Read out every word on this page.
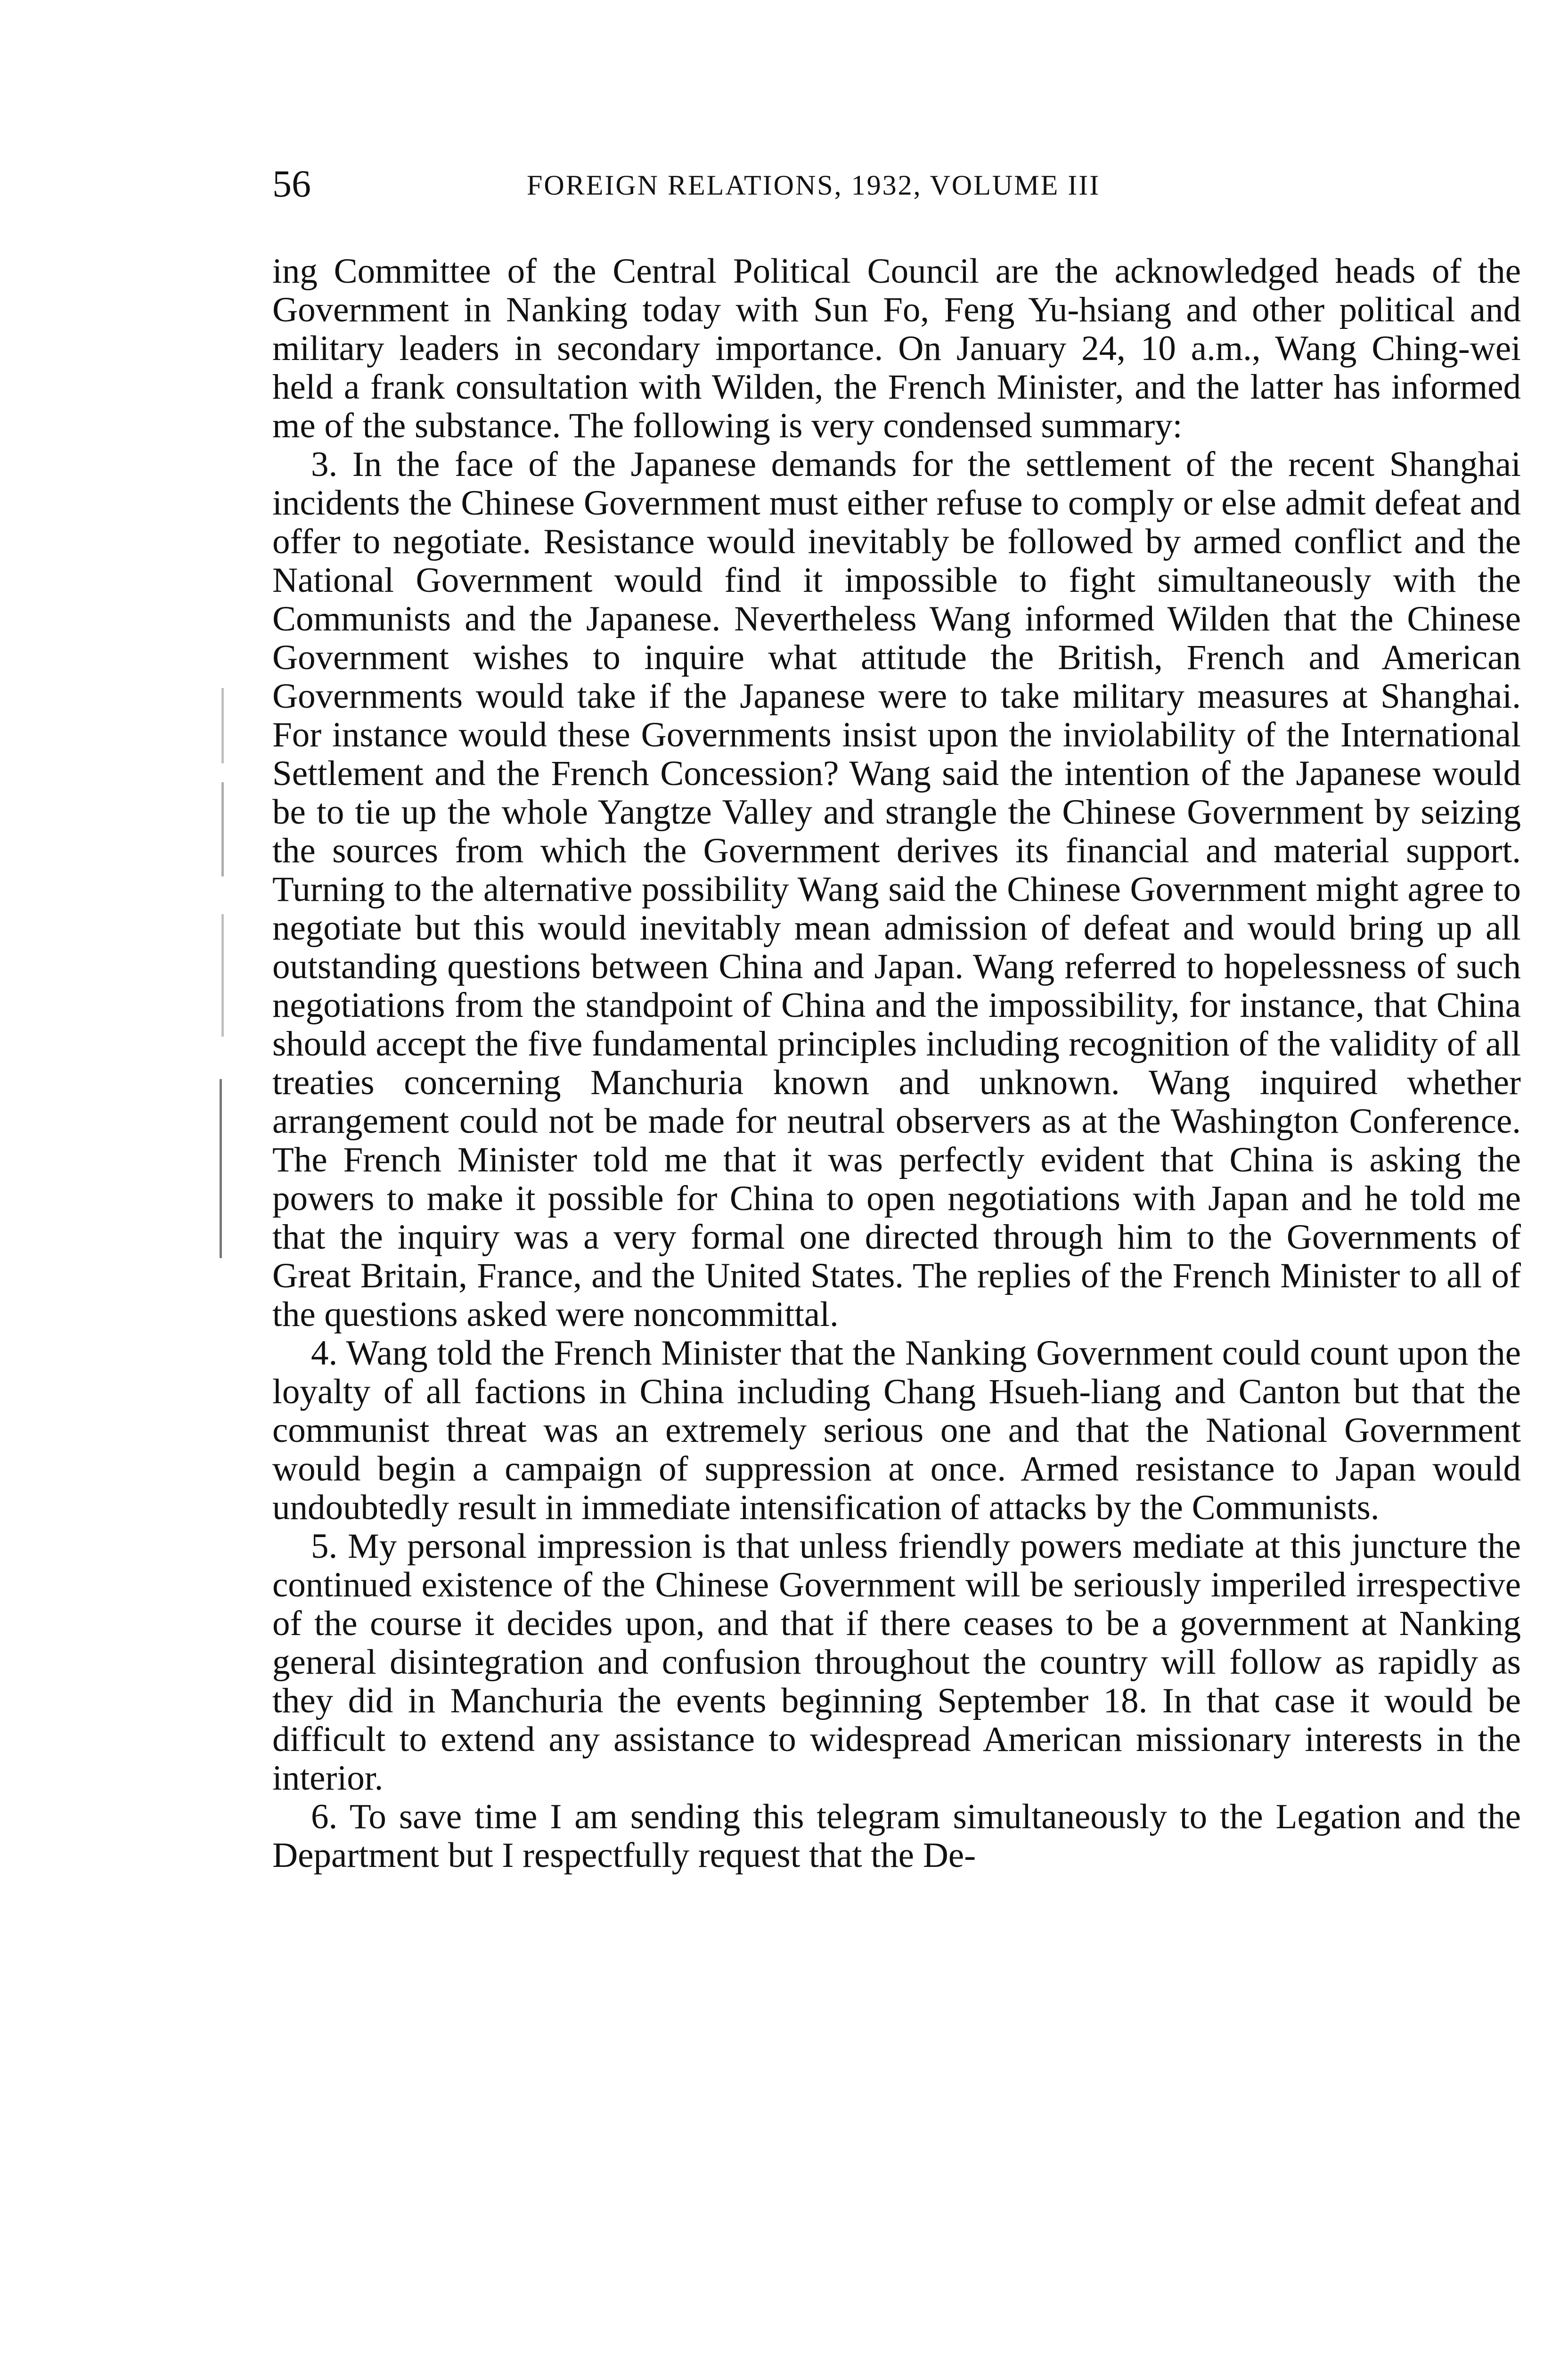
56	FOREIGN RELATIONS, 1932, VOLUME III

ing Committee of the Central Political Council are the acknowledged heads of the Government in Nanking today with Sun Fo, Feng Yu-hsiang and other political and military leaders in secondary importance. On January 24, 10 a.m., Wang Ching-wei held a frank consultation with Wilden, the French Minister, and the latter has informed me of the substance. The following is very condensed summary:

3. In the face of the Japanese demands for the settlement of the recent Shanghai incidents the Chinese Government must either refuse to comply or else admit defeat and offer to negotiate. Resistance would inevitably be followed by armed conflict and the National Government would find it impossible to fight simultaneously with the Communists and the Japanese. Nevertheless Wang informed Wilden that the Chinese Government wishes to inquire what attitude the British, French and American Governments would take if the Japanese were to take military measures at Shanghai. For instance would these Governments insist upon the inviolability of the International Settlement and the French Concession? Wang said the intention of the Japanese would be to tie up the whole Yangtze Valley and strangle the Chinese Government by seizing the sources from which the Government derives its financial and material support. Turning to the alternative possibility Wang said the Chinese Government might agree to negotiate but this would inevitably mean admission of defeat and would bring up all outstanding questions between China and Japan. Wang referred to hopelessness of such negotiations from the standpoint of China and the impossibility, for instance, that China should accept the five fundamental principles including recognition of the validity of all treaties concerning Manchuria known and unknown. Wang inquired whether arrangement could not be made for neutral observers as at the Washington Conference. The French Minister told me that it was perfectly evident that China is asking the powers to make it possible for China to open negotiations with Japan and he told me that the inquiry was a very formal one directed through him to the Governments of Great Britain, France, and the United States. The replies of the French Minister to all of the questions asked were noncommittal.

4. Wang told the French Minister that the Nanking Government could count upon the loyalty of all factions in China including Chang Hsueh-liang and Canton but that the communist threat was an extremely serious one and that the National Government would begin a campaign of suppression at once. Armed resistance to Japan would undoubtedly result in immediate intensification of attacks by the Communists.

5. My personal impression is that unless friendly powers mediate at this juncture the continued existence of the Chinese Government will be seriously imperiled irrespective of the course it decides upon, and that if there ceases to be a government at Nanking general disintegration and confusion throughout the country will follow as rapidly as they did in Manchuria the events beginning September 18. In that case it would be difficult to extend any assistance to widespread American missionary interests in the interior.

6. To save time I am sending this telegram simultaneously to the Legation and the Department but I respectfully request that the De-
